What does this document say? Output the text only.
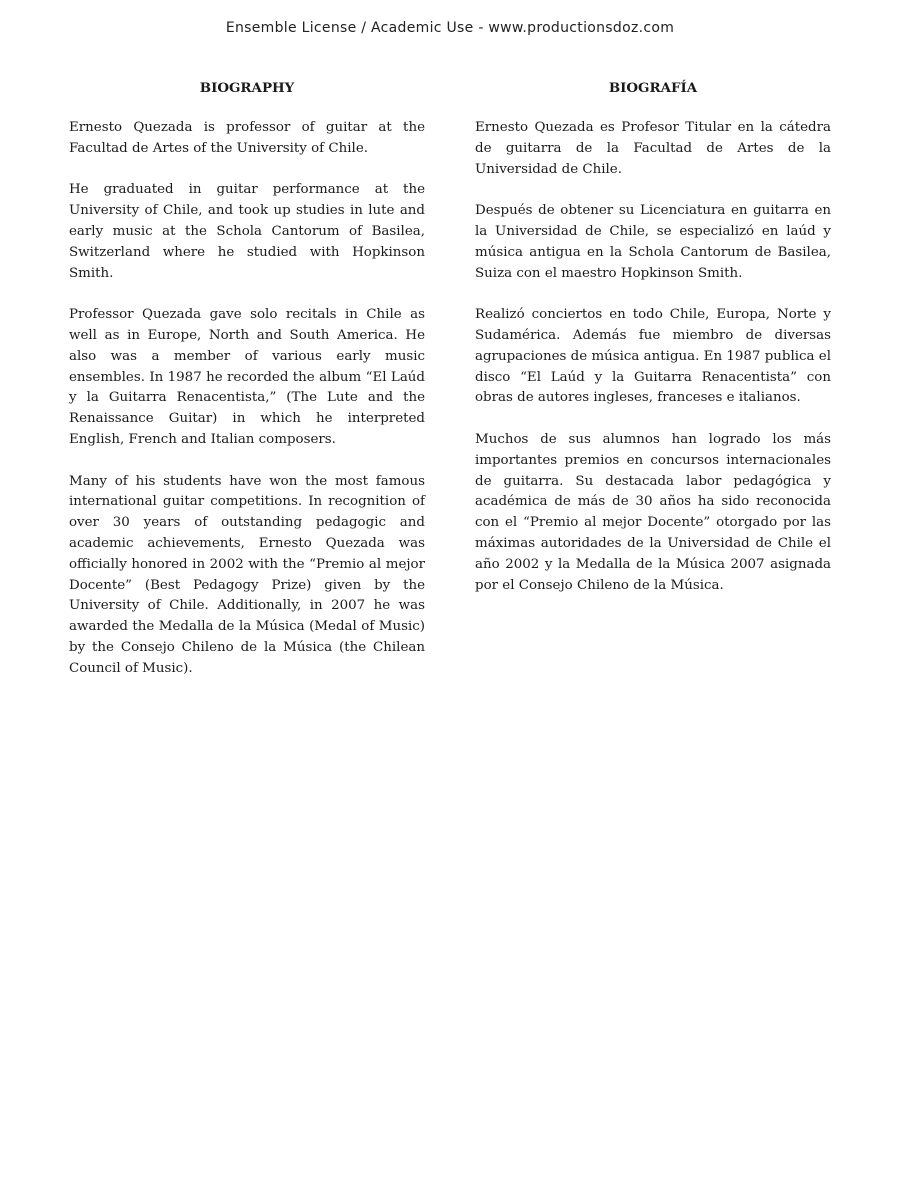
Ensemble License / Academic Use - www.productionsdoz.com
BIOGRAPHY

Ernesto Quezada is professor of guitar at the Facultad de Artes of the University of Chile.

He graduated in guitar performance at the University of Chile, and took up studies in lute and early music at the Schola Cantorum of Basilea, Switzerland where he studied with Hopkinson Smith.

Professor Quezada gave solo recitals in Chile as well as in Europe, North and South America. He also was a member of various early music ensembles. In 1987 he recorded the album “El Laúd y la Guitarra Renacentista,” (The Lute and the Renaissance Guitar) in which he interpreted English, French and Italian composers.

Many of his students have won the most famous international guitar competitions. In recognition of over 30 years of outstanding pedagogic and academic achievements, Ernesto Quezada was officially honored in 2002 with the “Premio al mejor Docente” (Best Pedagogy Prize) given by the University of Chile. Additionally, in 2007 he was awarded the Medalla de la Música (Medal of Music) by the Consejo Chileno de la Música (the Chilean Council of Music).

BIOGRAFÍA

Ernesto Quezada es Profesor Titular en la cátedra de guitarra de la Facultad de Artes de la Universidad de Chile.

Después de obtener su Licenciatura en guitarra en la Universidad de Chile, se especializó en laúd y música antigua en la Schola Cantorum de Basilea, Suiza con el maestro Hopkinson Smith.

Realizó conciertos en todo Chile, Europa, Norte y Sudamérica. Además fue miembro de diversas agrupaciones de música antigua. En 1987 publica el disco “El Laúd y la Guitarra Renacentista” con obras de autores ingleses, franceses e italianos.

Muchos de sus alumnos han logrado los más importantes premios en concursos internacionales de guitarra. Su destacada labor pedagógica y académica de más de 30 años ha sido reconocida con el “Premio al mejor Docente” otorgado por las máximas autoridades de la Universidad de Chile el año 2002 y la Medalla de la Música 2007 asignada por el Consejo Chileno de la Música.
